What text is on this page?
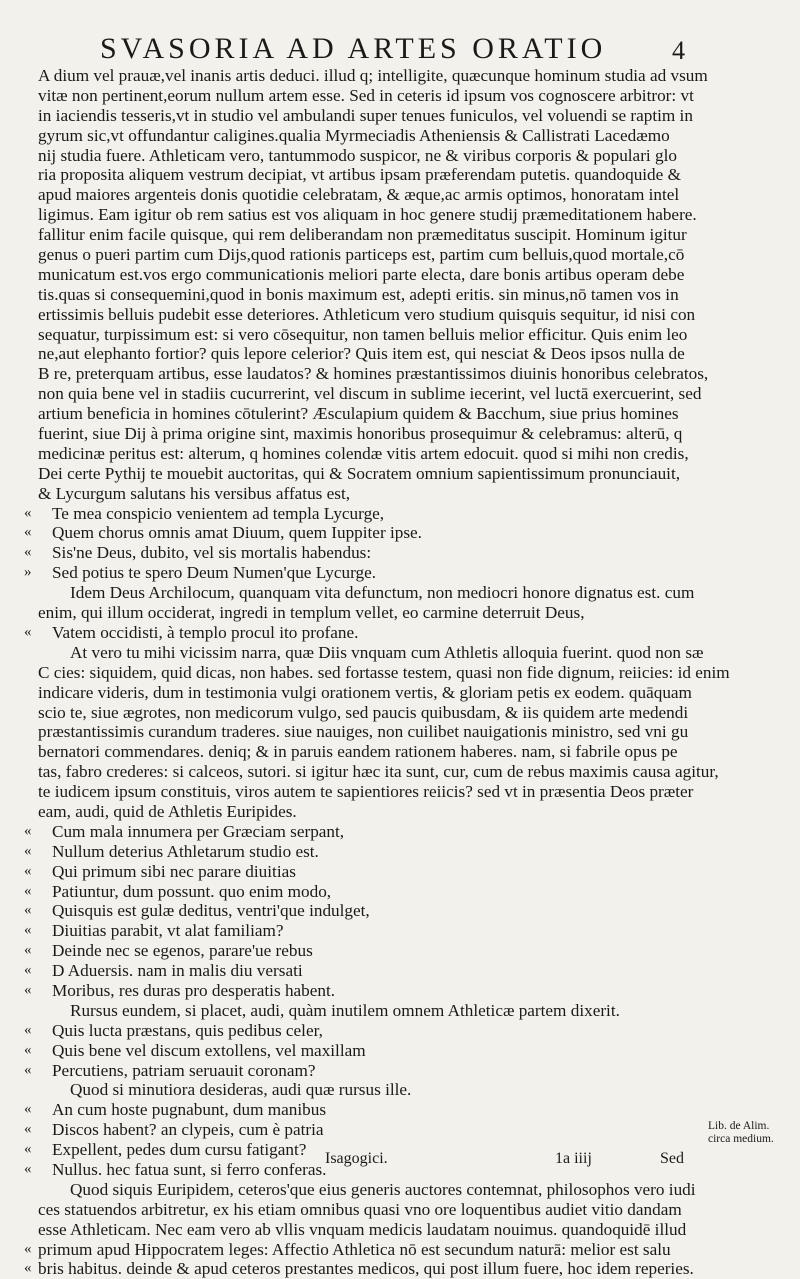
SVASORIA AD ARTES ORATIO	4
A dium vel prauæ,vel inanis artis deduci. illud q; intelligite, quæcunque hominum studia ad vsum
vitæ non pertinent,eorum nullum artem esse. Sed in ceteris id ipsum vos cognoscere arbitror: vt
in iaciendis tesseris,vt in studio vel ambulandi super tenues funiculos, vel voluendi se raptim in
gyrum sic,vt offundantur caligines.qualia Myrmeciadis Atheniensis & Callistrati Lacedæmo
nij studia fuere. Athleticam vero, tantummodo suspicor, ne & viribus corporis & populari glo
ria proposita aliquem vestrum decipiat, vt artibus ipsam præferendam putetis. quandoquide &
apud maiores argenteis donis quotidie celebratam, & æque,ac armis optimos, honoratam intel
ligimus. Eam igitur ob rem satius est vos aliquam in hoc genere studij præmeditationem habere.
fallitur enim facile quisque, qui rem deliberandam non præmeditatus suscipit. Hominum igitur
genus o pueri partim cum Dijs,quod rationis particeps est, partim cum belluis,quod mortale,cō
municatum est.vos ergo communicationis meliori parte electa, dare bonis artibus operam debe
tis.quas si consequemini,quod in bonis maximum est, adepti eritis. sin minus,nō tamen vos in
ertissimis belluis pudebit esse deteriores. Athleticum vero studium quisquis sequitur, id nisi con
sequatur, turpissimum est: si vero cōsequitur, non tamen belluis melior efficitur. Quis enim leo
ne,aut elephanto fortior? quis lepore celerior? Quis item est, qui nesciat & Deos ipsos nulla de
B re, preterquam artibus, esse laudatos? & homines præstantissimos diuinis honoribus celebratos,
non quia bene vel in stadiis cucurrerint, vel discum in sublime iecerint, vel luctā exercuerint, sed
artium beneficia in homines cōtulerint? Æsculapium quidem & Bacchum, siue prius homines
fuerint, siue Dij à prima origine sint, maximis honoribus prosequimur & celebramus: alterū, q
medicinæ peritus est: alterum, q homines colendæ vitis artem edocuit. quod si mihi non credis,
Dei certe Pythij te mouebit auctoritas, qui & Socratem omnium sapientissimum pronunciauit,
& Lycurgum salutans his versibus affatus est,
« Te mea conspicio venientem ad templa Lycurge,
« Quem chorus omnis amat Diuum, quem Iuppiter ipse.
« Sis'ne Deus, dubito, vel sis mortalis habendus:
» Sed potius te spero Deum Numen'que Lycurge.
Idem Deus Archilocum, quanquam vita defunctum, non mediocri honore dignatus est. cum
enim, qui illum occiderat, ingredi in templum vellet, eo carmine deterruit Deus,
« Vatem occidisti, à templo procul ito profane.
At vero tu mihi vicissim narra, quæ Diis vnquam cum Athletis alloquia fuerint. quod non sæ
C cies: siquidem, quid dicas, non habes. sed fortasse testem, quasi non fide dignum, reiicies: id enim
indicare videris, dum in testimonia vulgi orationem vertis, & gloriam petis ex eodem. quāquam
scio te, siue ægrotes, non medicorum vulgo, sed paucis quibusdam, & iis quidem arte medendi
præstantissimis curandum traderes. siue nauiges, non cuilibet nauigationis ministro, sed vni gu
bernatori commendares. deniq; & in paruis eandem rationem haberes. nam, si fabrile opus pe
tas, fabro crederes: si calceos, sutori. si igitur hæc ita sunt, cur, cum de rebus maximis causa agitur,
te iudicem ipsum constituis, viros autem te sapientiores reiicis? sed vt in præsentia Deos præter
eam, audi, quid de Athletis Euripides.
« Cum mala innumera per Græciam serpant,
« Nullum deterius Athletarum studio est.
« Qui primum sibi nec parare diuitias
« Patiuntur, dum possunt. quo enim modo,
« Quisquis est gulæ deditus, ventri'que indulget,
« Diuitias parabit, vt alat familiam?
« Deinde nec se egenos, parare'ue rebus
« D Aduersis. nam in malis diu versati
« Moribus, res duras pro desperatis habent.
Rursus eundem, si placet, audi, quàm inutilem omnem Athleticæ partem dixerit.
« Quis lucta præstans, quis pedibus celer,
« Quis bene vel discum extollens, vel maxillam
« Percutiens, patriam seruauit coronam?
Quod si minutiora desideras, audi quæ rursus ille.
« An cum hoste pugnabunt, dum manibus
« Discos habent? an clypeis, cum è patria
« Expellent, pedes dum cursu fatigant?
« Nullus. hec fatua sunt, si ferro conferas.
Quod siquis Euripidem, ceteros'que eius generis auctores contemnat, philosophos vero iudi
ces statuendos arbitretur, ex his etiam omnibus quasi vno ore loquentibus audiet vitio dandam
esse Athleticam. Nec eam vero ab vllis vnquam medicis laudatam nouimus. quandoquidē illud
« primum apud Hippocratem leges: Affectio Athletica nō est secundum naturā: melior est salu
« bris habitus. deinde & apud ceteros prestantes medicos, qui post illum fuere, hoc idem reperies.
Lib. de Alim.
circa medium.
Isagogici.	1a iiij	Sed
